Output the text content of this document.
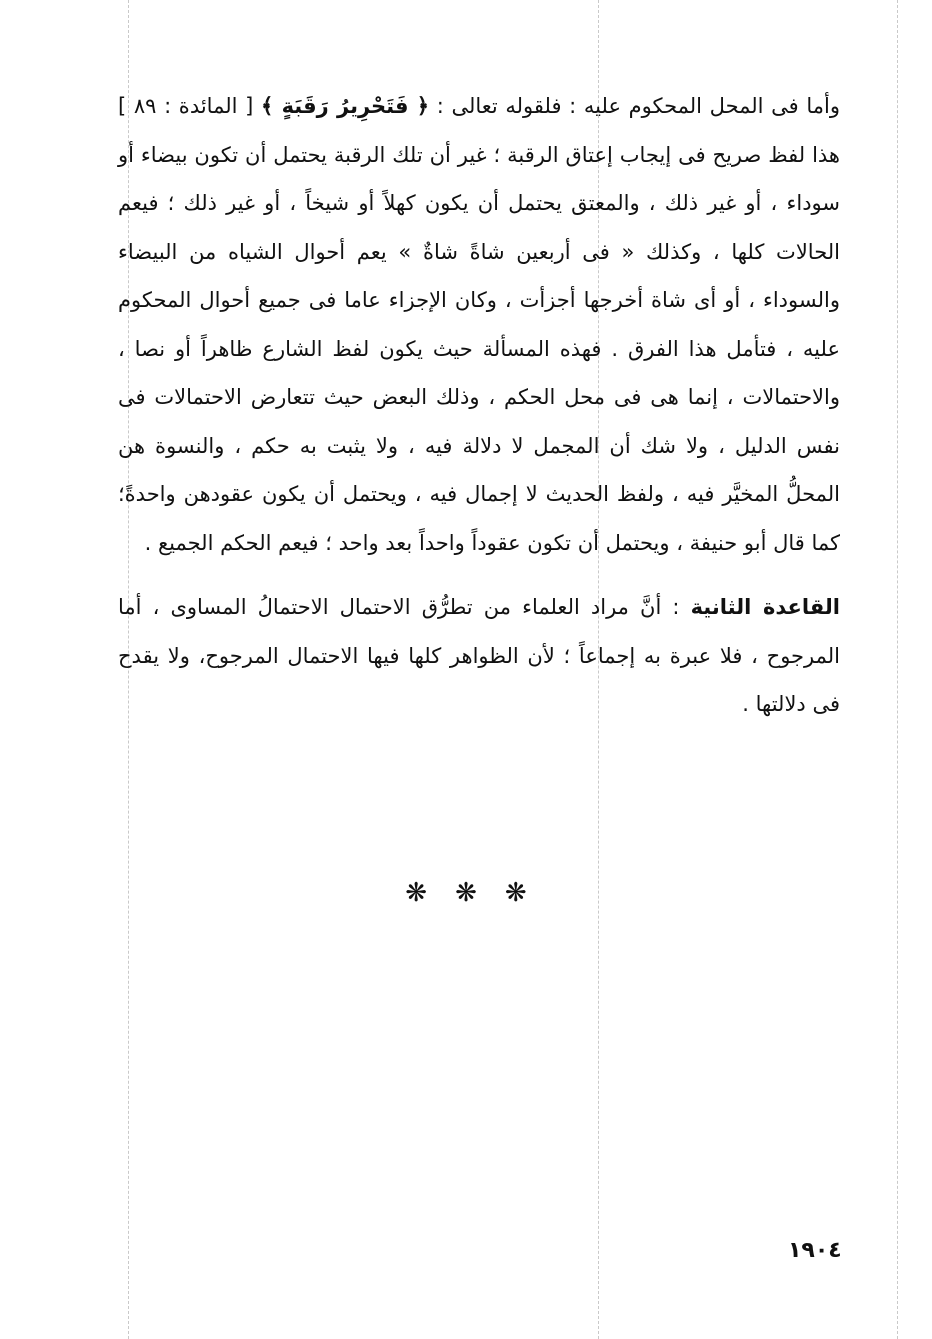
وأما فى المحل المحكوم عليه : فلقوله تعالى : ﴿ فَتَحْرِيرُ رَقَبَةٍ ﴾ [ المائدة : ٨٩ ] هذا لفظ صريح فى إيجاب إعتاق الرقبة ؛ غير أن تلك الرقبة يحتمل أن تكون بيضاء أو سوداء ، أو غير ذلك ، والمعتق يحتمل أن يكون كهلاً أو شيخاً ، أو غير ذلك ؛ فيعم الحالات كلها ، وكذلك « فى أربعين شاةً شاةٌ » يعم أحوال الشياه من البيضاء والسوداء ، أو أى شاة أخرجها أجزأت ، وكان الإجزاء عاما فى جميع أحوال المحكوم عليه ، فتأمل هذا الفرق . فهذه المسألة حيث يكون لفظ الشارع ظاهراً أو نصا ، والاحتمالات ، إنما هى فى محل الحكم ، وذلك البعض حيث تتعارض الاحتمالات فى نفس الدليل ، ولا شك أن المجمل لا دلالة فيه ، ولا يثبت به حكم ، والنسوة هن المحلُّ المخيَّر فيه ، ولفظ الحديث لا إجمال فيه ، ويحتمل أن يكون عقودهن واحدةً؛ كما قال أبو حنيفة ، ويحتمل أن تكون عقوداً واحداً بعد واحد ؛ فيعم الحكم الجميع .

القاعدة الثانية : أنَّ مراد العلماء من تطرُّق الاحتمال الاحتمالُ المساوى ، أما المرجوح ، فلا عبرة به إجماعاً ؛ لأن الظواهر كلها فيها الاحتمال المرجوح، ولا يقدح فى دلالتها .

❋ ❋ ❋
١٩٠٤
